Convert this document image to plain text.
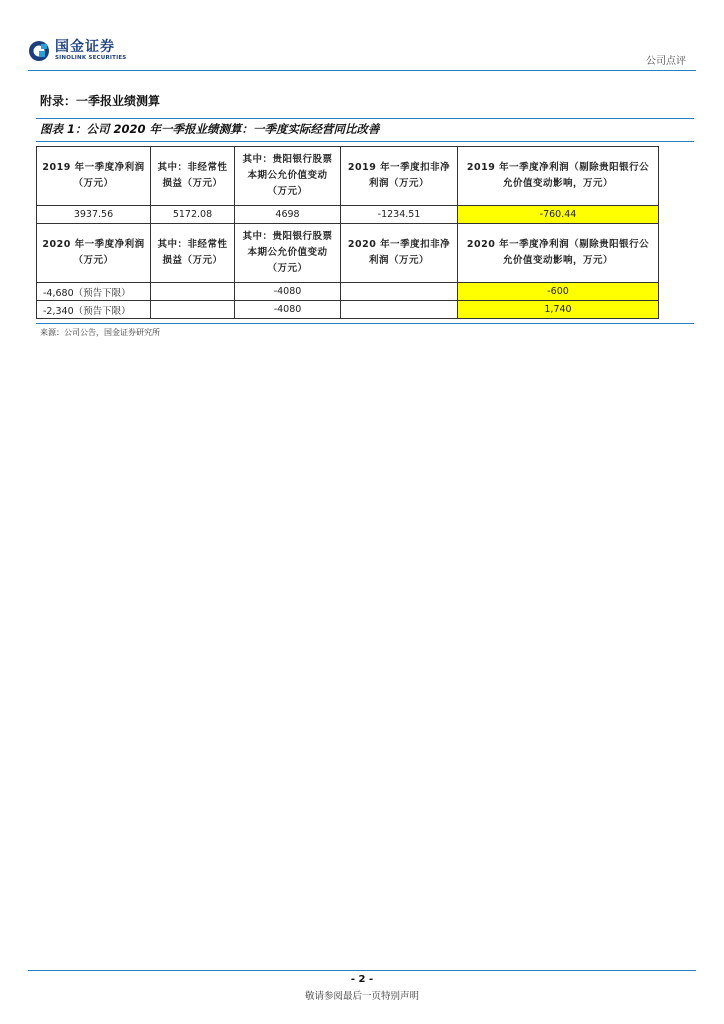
国金证券
SINOLINK SECURITIES	公司点评
附录：一季报业绩测算
图表 1：公司 2020 年一季报业绩测算：一季度实际经营同比改善
2019 年一季度净利润（万元）	其中：非经常性损益（万元）	其中：贵阳银行股票本期公允价值变动（万元）	2019 年一季度扣非净利润（万元）	2019 年一季度净利润（剔除贵阳银行公允价值变动影响，万元）
3937.56	5172.08	4698	-1234.51	-760.44
2020 年一季度净利润（万元）	其中：非经常性损益（万元）	其中：贵阳银行股票本期公允价值变动（万元）	2020 年一季度扣非净利润（万元）	2020 年一季度净利润（剔除贵阳银行公允价值变动影响，万元）
-4,680（预告下限）		-4080		-600
-2,340（预告下限）		-4080		1,740
来源：公司公告，国金证券研究所
- 2 -
敬请参阅最后一页特别声明
